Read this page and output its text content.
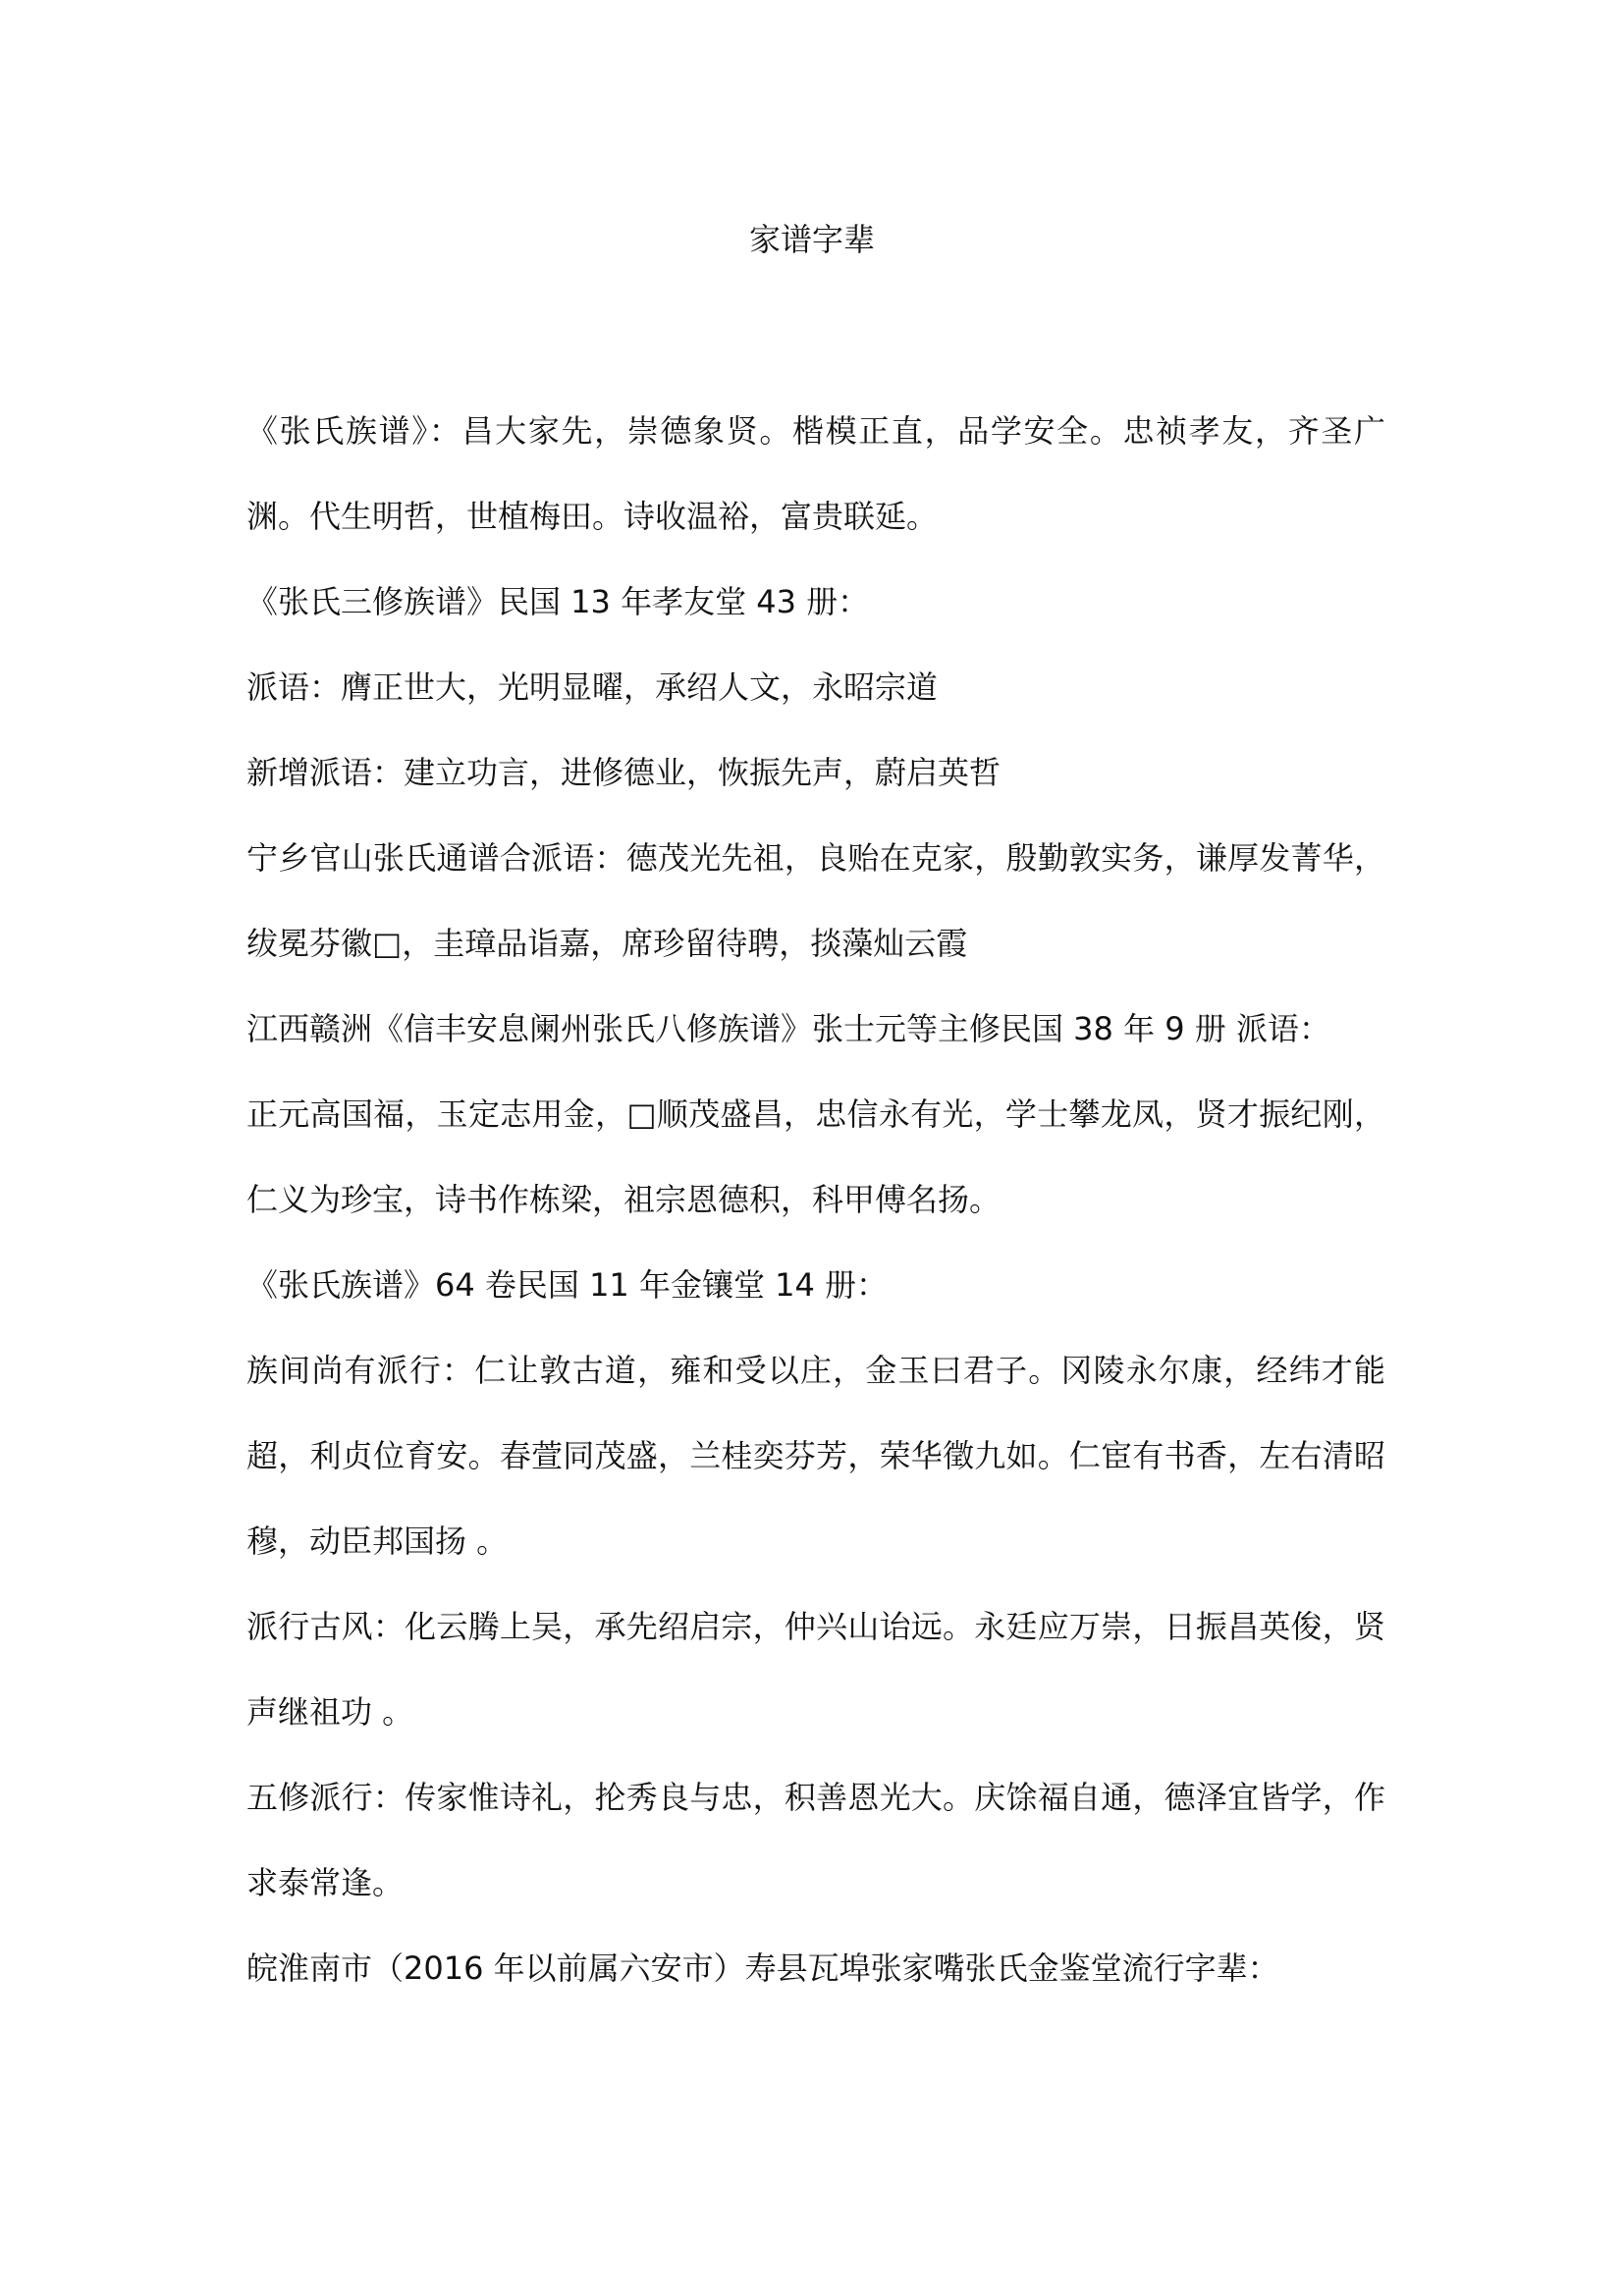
家谱字辈

《张氏族谱》：昌大家先，崇德象贤。楷模正直，品学安全。忠祯孝友，齐圣广渊。代生明哲，世植梅田。诗收温裕，富贵联延。

《张氏三修族谱》民国 13 年孝友堂 43 册：

派语：膺正世大，光明显曜，承绍人文，永昭宗道

新增派语：建立功言，进修德业，恢振先声，蔚启英哲

宁乡官山张氏通谱合派语：德茂光先祖，良贻在克家，殷勤敦实务，谦厚发菁华，绂冕芬徽□，圭璋品诣嘉，席珍留待聘，掞藻灿云霞

江西赣洲《信丰安息阑州张氏八修族谱》张士元等主修民国 38 年 9 册 派语：

正元高国福，玉定志用金，□顺茂盛昌，忠信永有光，学士攀龙凤，贤才振纪刚，仁义为珍宝，诗书作栋梁，祖宗恩德积，科甲傅名扬。

《张氏族谱》64 卷民国 11 年金镶堂 14 册：

族间尚有派行：仁让敦古道，雍和受以庄，金玉曰君子。冈陵永尔康，经纬才能超，利贞位育安。春萱同茂盛，兰桂奕芬芳，荣华徵九如。仁宦有书香，左右清昭穆，动臣邦国扬 。

派行古风：化云腾上吴，承先绍启宗，仲兴山诒远。永廷应万崇，日振昌英俊，贤声继祖功 。

五修派行：传家惟诗礼，抡秀良与忠，积善恩光大。庆馀福自通，德泽宜皆学，作求泰常逢。

皖淮南市（2016 年以前属六安市）寿县瓦埠张家嘴张氏金鉴堂流行字辈：
